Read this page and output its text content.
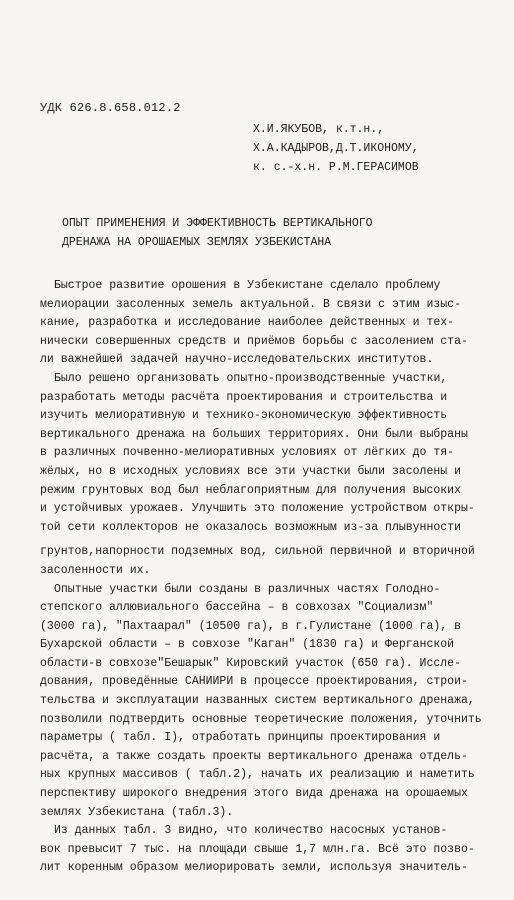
УДК 626.8.658.012.2
Х.И.ЯКУБОВ, к.т.н.,
Х.А.КАДЫРОВ,Д.Т.ИКОНОМУ,
к. с.-х.н. Р.М.ГЕРАСИМОВ
ОПЫТ ПРИМЕНЕНИЯ И ЭФФЕКТИВНОСТЬ ВЕРТИКАЛЬНОГО
ДРЕНАЖА НА ОРОШАЕМЫХ ЗЕМЛЯХ УЗБЕКИСТАНА
Быстрое развитие орошения в Узбекистане сделало проблему
мелиорации засоленных земель актуальной. В связи с этим изыс-
кание, разработка и исследование наиболее действенных и тех-
нически совершенных средств и приёмов борьбы с засолением ста-
ли важнейшей задачей научно-исследовательских институтов.
Было решено организовать опытно-производственные участки,
разработать методы расчёта проектирования и строительства и
изучить мелиоративную и технико-экономическую эффективность
вертикального дренажа на больших территориях. Они были выбраны
в различных почвенно-мелиоративных условиях от лёгких до тя-
жёлых, но в исходных условиях все эти участки были засолены и
режим грунтовых вод был неблагоприятным для получения высоких
и устойчивых урожаев. Улучшить это положение устройством откры-
той сети коллекторов не оказалось возможным из-за плывунности
грунтов,напорности подземных вод, сильной первичной и вторичной
засоленности их.
Опытные участки были созданы в различных частях Голодно-
степского аллювиального бассейна – в совхозах "Социализм"
(3000 га), "Пахтаарал" (10500 га), в г.Гулистане (1000 га), в
Бухарской области – в совхозе "Каган" (1830 га) и Ферганской
области-в совхозе"Бешарык" Кировский участок (650 га). Иссле-
дования, проведённые САНИИРИ в процессе проектирования, строи-
тельства и эксплуатации названных систем вертикального дренажа,
позволили подтвердить основные теоретические положения, уточнить
параметры ( табл. I), отработать принципы проектирования и
расчёта, а также создать проекты вертикального дренажа отдель-
ных крупных массивов ( табл.2), начать их реализацию и наметить
перспективу широкого внедрения этого вида дренажа на орошаемых
землях Узбекистана (табл.3).
Из данных табл. 3 видно, что количество насосных установ-
вок превысит 7 тыс. на площади свыше 1,7 млн.га. Всё это позво-
лит коренным образом мелиорировать земли, используя значитель-
